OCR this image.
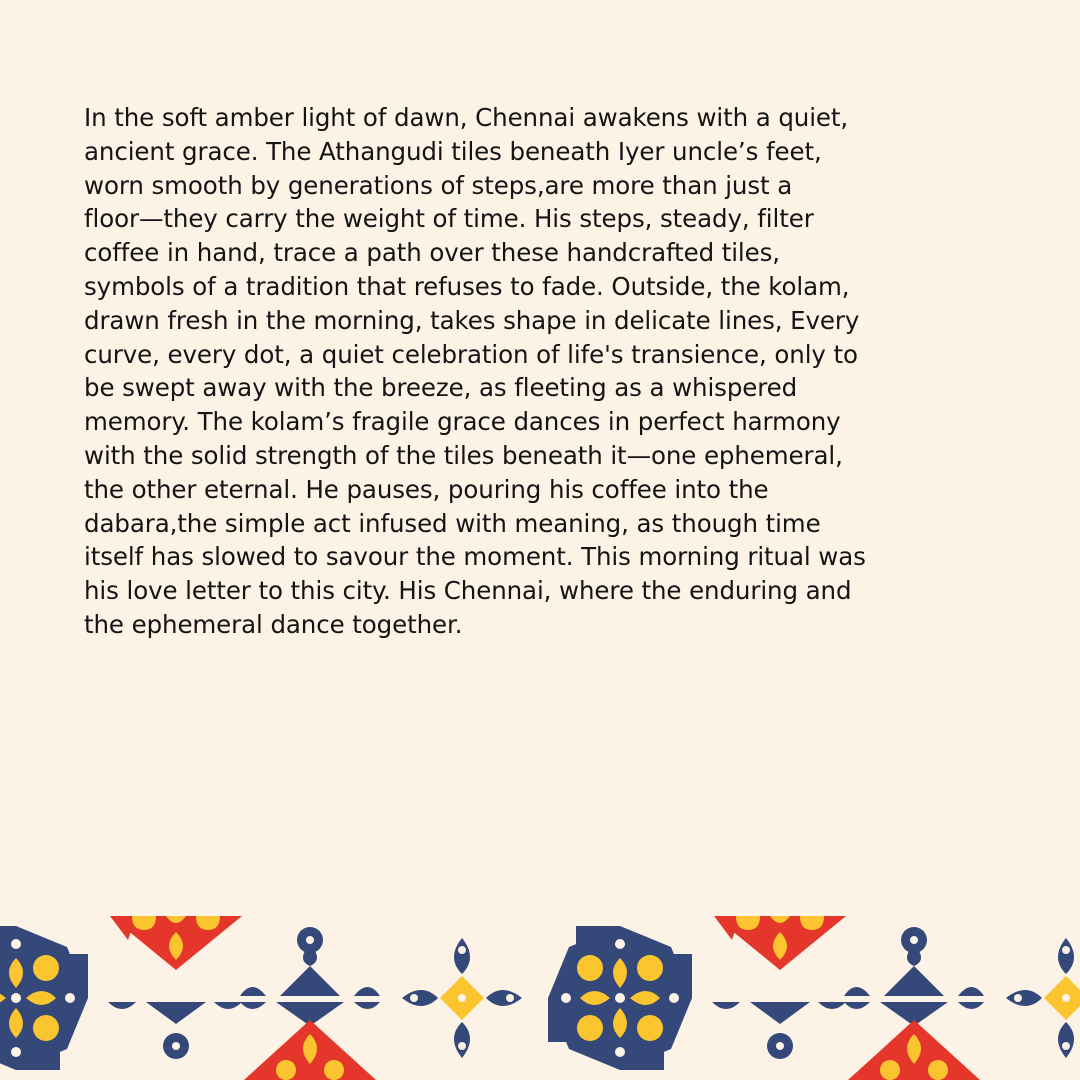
In the soft amber light of dawn, Chennai awakens with a quiet,
ancient grace. The Athangudi tiles beneath Iyer uncle’s feet,
worn smooth by generations of steps,are more than just a
floor—they carry the weight of time. His steps, steady, filter
coffee in hand, trace a path over these handcrafted tiles,
symbols of a tradition that refuses to fade. Outside, the kolam,
drawn fresh in the morning, takes shape in delicate lines, Every
curve, every dot, a quiet celebration of life's transience, only to
be swept away with the breeze, as fleeting as a whispered
memory. The kolam’s fragile grace dances in perfect harmony
with the solid strength of the tiles beneath it—one ephemeral,
the other eternal. He pauses, pouring his coffee into the
dabara,the simple act infused with meaning, as though time
itself has slowed to savour the moment. This morning ritual was
his love letter to this city. His Chennai, where the enduring and
the ephemeral dance together.
